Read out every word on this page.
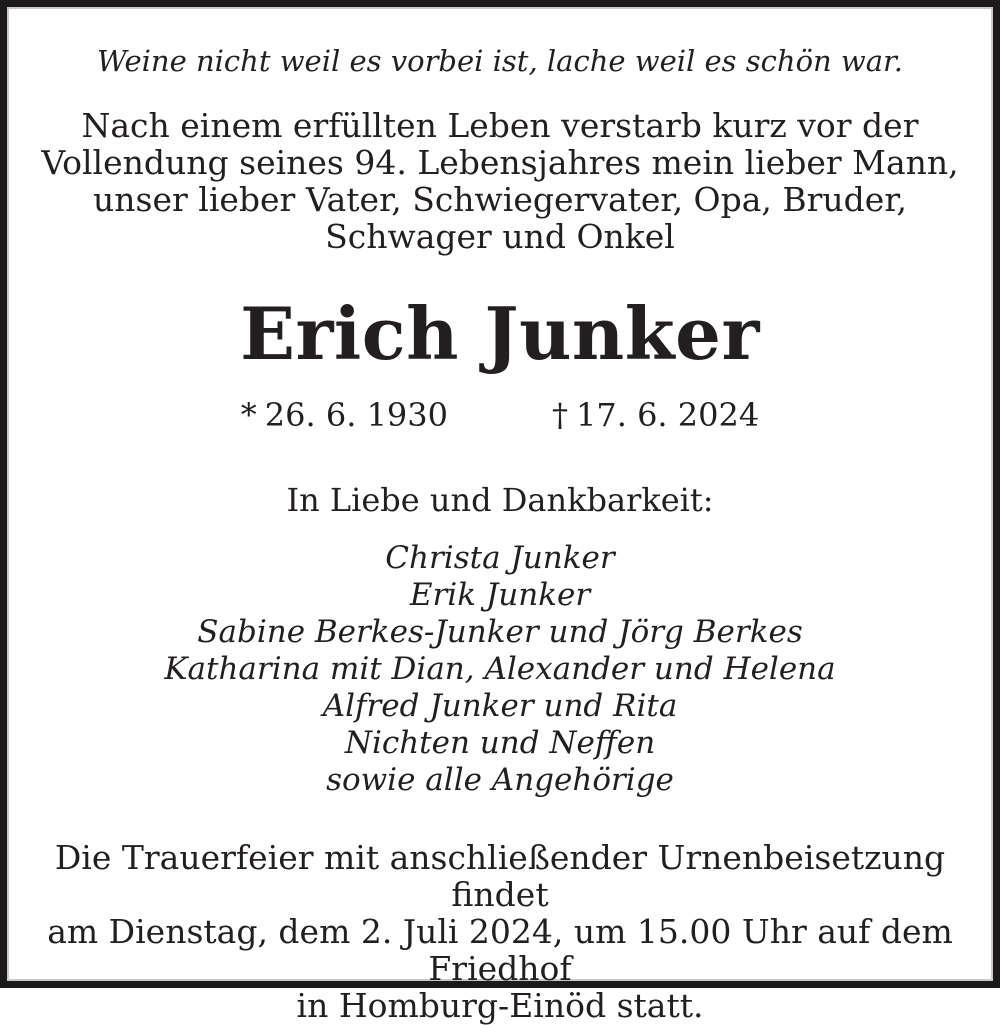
Weine nicht weil es vorbei ist, lache weil es schön war.

Nach einem erfüllten Leben verstarb kurz vor der
Vollendung seines 94. Lebensjahres mein lieber Mann,
unser lieber Vater, Schwiegervater, Opa, Bruder,
Schwager und Onkel
Erich Junker
* 26. 6. 1930	† 17. 6. 2024

In Liebe und Dankbarkeit:

Christa Junker
Erik Junker
Sabine Berkes-Junker und Jörg Berkes
Katharina mit Dian, Alexander und Helena
Alfred Junker und Rita
Nichten und Neffen
sowie alle Angehörige
Die Trauerfeier mit anschließender Urnenbeisetzung findet
am Dienstag, dem 2. Juli 2024, um 15.00 Uhr auf dem Friedhof
in Homburg-Einöd statt.
